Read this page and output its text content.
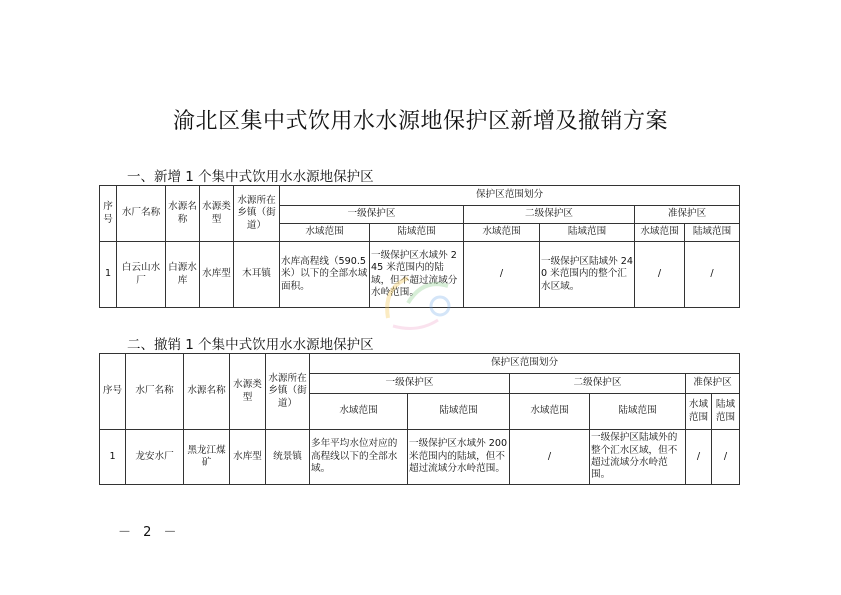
渝北区集中式饮用水水源地保护区新增及撤销方案
一、新增 1 个集中式饮用水水源地保护区
序号	水厂名称	水源名称	水源类型	水源所在乡镇（街道）	保护区范围划分					
					一级保护区		二级保护区		准保护区	
					水域范围	陆域范围	水域范围	陆域范围	水域范围	陆域范围
1	白云山水厂	白源水库	水库型	木耳镇	水库高程线（590.5 米）以下的全部水域面积。	一级保护区水域外 245 米范围内的陆域，但不超过流域分水岭范围。	/	一级保护区陆域外 240 米范围内的整个汇水区域。	/	/
二、撤销 1 个集中式饮用水水源地保护区
序号	水厂名称	水源名称	水源类型	水源所在乡镇（街道）	保护区范围划分					
					一级保护区		二级保护区		准保护区	
					水域范围	陆域范围	水域范围	陆域范围	水域范围	陆域范围
1	龙安水厂	黑龙江煤矿	水库型	统景镇	多年平均水位对应的高程线以下的全部水域。	一级保护区水域外 200 米范围内的陆域，但不超过流域分水岭范围。	/	一级保护区陆域外的整个汇水区域，但不超过流域分水岭范围。	/	/
－ 2 －
